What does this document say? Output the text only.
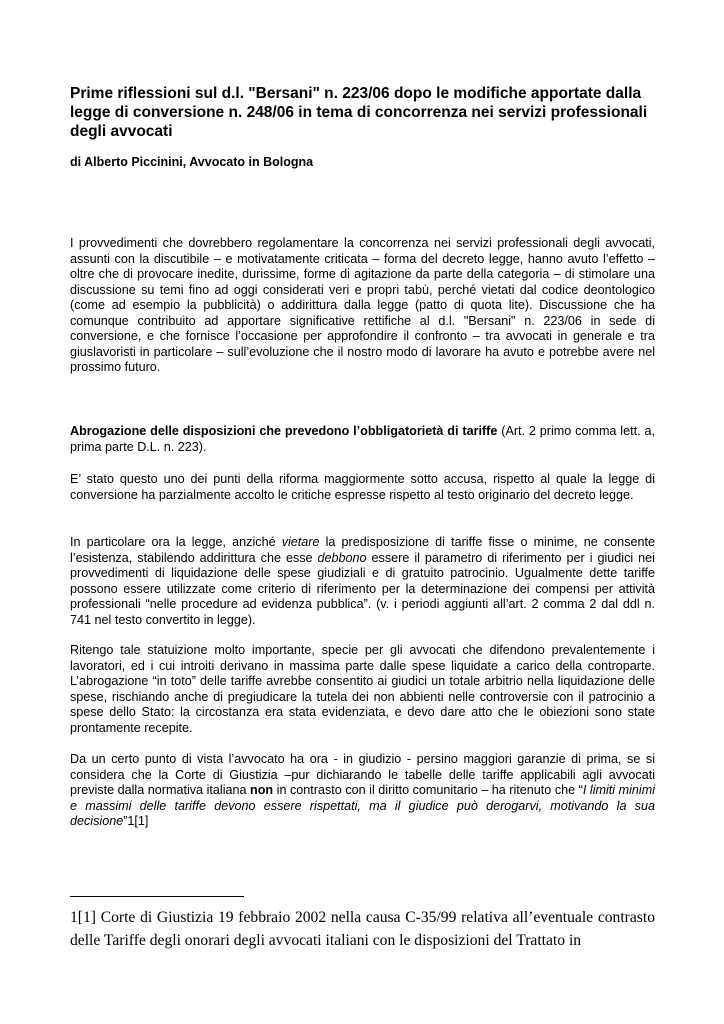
Prime riflessioni sul d.l. "Bersani" n. 223/06 dopo le modifiche apportate dalla legge di conversione n. 248/06 in tema di concorrenza nei servizi professionali degli avvocati

di Alberto Piccinini, Avvocato in Bologna

I provvedimenti che dovrebbero regolamentare la concorrenza nei servizi professionali degli avvocati, assunti con la discutibile – e motivatamente criticata – forma del decreto legge, hanno avuto l’effetto – oltre che di provocare inedite, durissime, forme di agitazione da parte della categoria – di stimolare una discussione su temi fino ad oggi considerati veri e propri tabù, perché vietati dal codice deontologico (come ad esempio la pubblicità) o addirittura dalla legge (patto di quota lite). Discussione che ha comunque contribuito ad apportare significative rettifiche al d.l. "Bersani" n. 223/06 in sede di conversione, e che fornisce l’occasione per approfondire il confronto – tra avvocati in generale e tra giuslavoristi in particolare – sull’evoluzione che il nostro modo di lavorare ha avuto e potrebbe avere nel prossimo futuro.

Abrogazione delle disposizioni che prevedono l’obbligatorietà di tariffe (Art. 2 primo comma lett. a, prima parte D.L. n. 223).

E’ stato questo uno dei punti della riforma maggiormente sotto accusa, rispetto al quale la legge di conversione ha parzialmente accolto le critiche espresse rispetto al testo originario del decreto legge.

In particolare ora la legge, anziché vietare la predisposizione di tariffe fisse o minime, ne consente l’esistenza, stabilendo addirittura che esse debbono essere il parametro di riferimento per i giudici nei provvedimenti di liquidazione delle spese giudiziali e di gratuito patrocinio. Ugualmente dette tariffe possono essere utilizzate come criterio di riferimento per la determinazione dei compensi per attività professionali “nelle procedure ad evidenza pubblica”. (v. i periodi aggiunti all’art. 2 comma 2 dal ddl n. 741 nel testo convertito in legge).

Ritengo tale statuizione molto importante, specie per gli avvocati che difendono prevalentemente i lavoratori, ed i cui introiti derivano in massima parte dalle spese liquidate a carico della controparte. L’abrogazione “in toto” delle tariffe avrebbe consentito ai giudici un totale arbitrio nella liquidazione delle spese, rischiando anche di pregiudicare la tutela dei non abbienti nelle controversie con il patrocinio a spese dello Stato: la circostanza era stata evidenziata, e devo dare atto che le obiezioni sono state prontamente recepite.

Da un certo punto di vista l’avvocato ha ora - in giudizio - persino maggiori garanzie di prima, se si considera che la Corte di Giustizia –pur dichiarando le tabelle delle tariffe applicabili agli avvocati previste dalla normativa italiana non in contrasto con il diritto comunitario – ha ritenuto che “I limiti minimi e massimi delle tariffe devono essere rispettati, ma il giudice può derogarvi, motivando la sua decisione”1[1]

1[1] Corte di Giustizia 19 febbraio 2002 nella causa C-35/99 relativa all’eventuale contrasto delle Tariffe degli onorari degli avvocati italiani con le disposizioni del Trattato in
